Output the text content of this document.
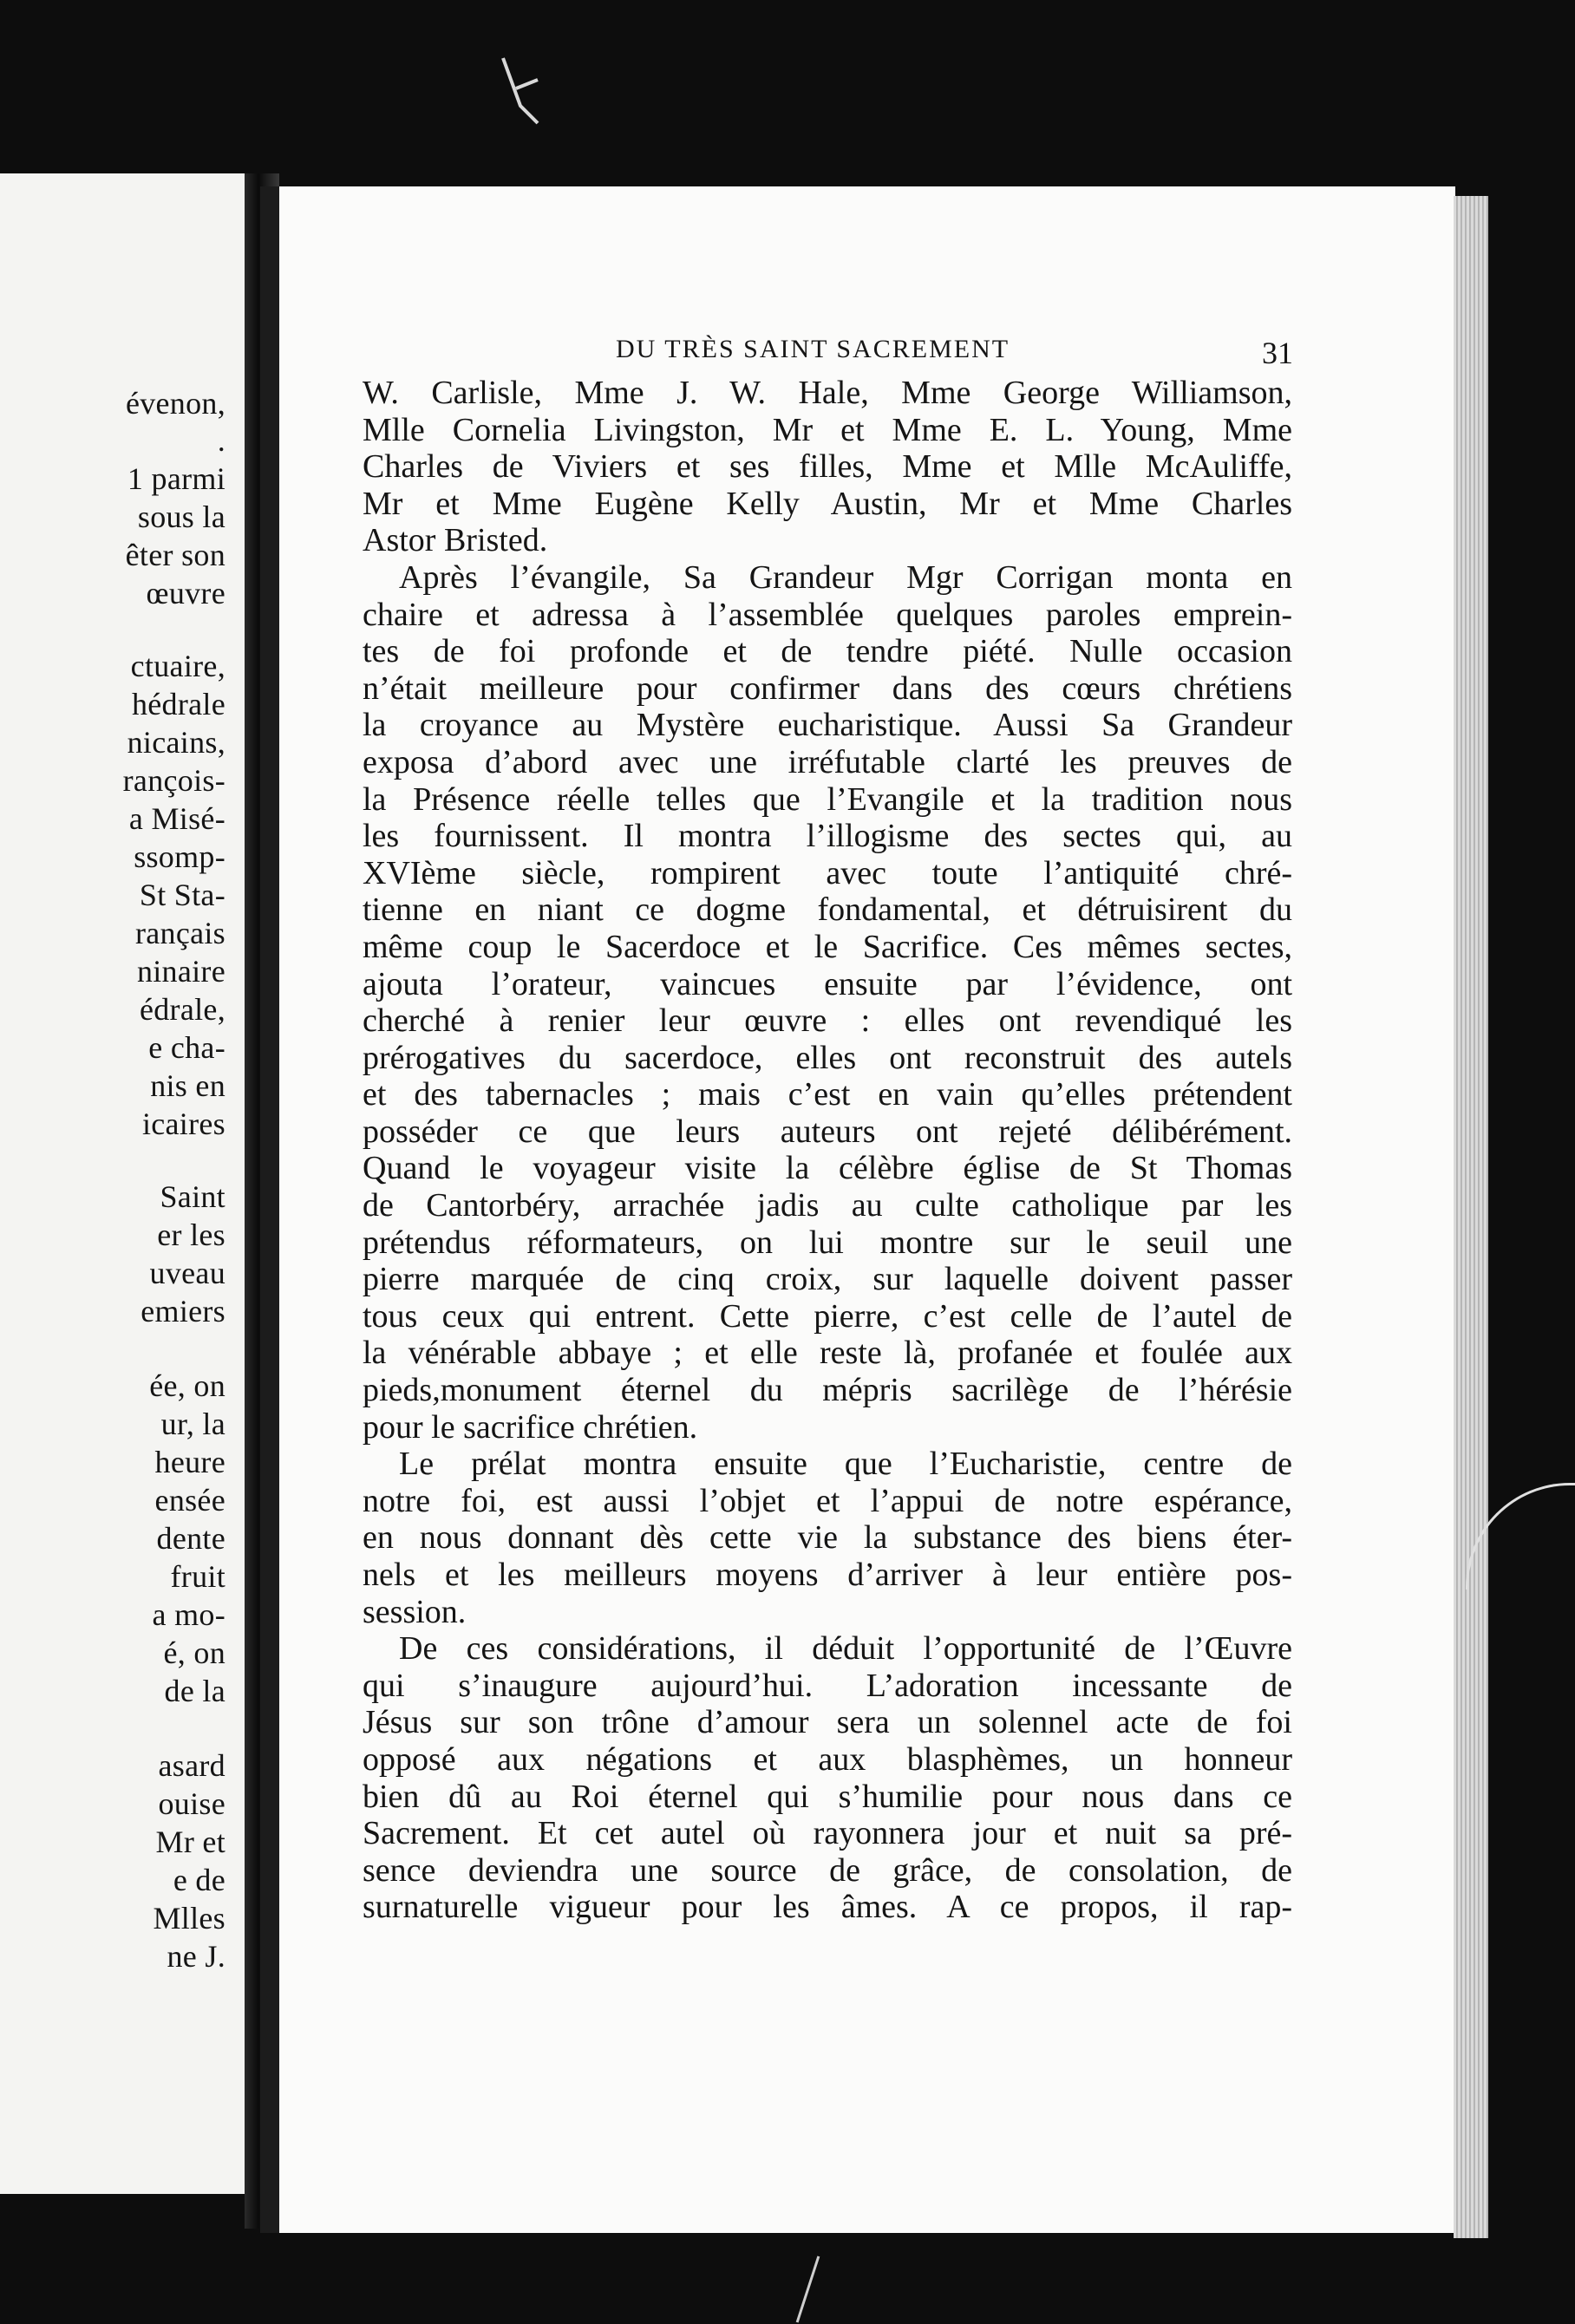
évenon,
.
1 parmi
sous la
êter son
œuvre
ctuaire,
hédrale
nicains,
rançois-
a Misé-
ssomp-
St Sta-
rançais
ninaire
édrale,
e cha-
nis en
icaires
Saint
er les
uveau
emiers
ée, on
ur, la
heure
ensée
dente
fruit
a mo-
é, on
de la
asard
ouise
Mr et
e de
Mlles
ne J.
DU TRÈS SAINT SACREMENT	31
W. Carlisle, Mme J. W. Hale, Mme George Williamson,
Mlle Cornelia Livingston, Mr et Mme E. L. Young, Mme
Charles de Viviers et ses filles, Mme et Mlle McAuliffe,
Mr et Mme Eugène Kelly Austin, Mr et Mme Charles
Astor Bristed.
Après l’évangile, Sa Grandeur Mgr Corrigan monta en
chaire et adressa à l’assemblée quelques paroles emprein-
tes de foi profonde et de tendre piété. Nulle occasion
n’était meilleure pour confirmer dans des cœurs chrétiens
la croyance au Mystère eucharistique. Aussi Sa Grandeur
exposa d’abord avec une irréfutable clarté les preuves de
la Présence réelle telles que l’Evangile et la tradition nous
les fournissent. Il montra l’illogisme des sectes qui, au
XVIème siècle, rompirent avec toute l’antiquité chré-
tienne en niant ce dogme fondamental, et détruisirent du
même coup le Sacerdoce et le Sacrifice. Ces mêmes sectes,
ajouta l’orateur, vaincues ensuite par l’évidence, ont
cherché à renier leur œuvre : elles ont revendiqué les
prérogatives du sacerdoce, elles ont reconstruit des autels
et des tabernacles ; mais c’est en vain qu’elles prétendent
posséder ce que leurs auteurs ont rejeté délibérément.
Quand le voyageur visite la célèbre église de St Thomas
de Cantorbéry, arrachée jadis au culte catholique par les
prétendus réformateurs, on lui montre sur le seuil une
pierre marquée de cinq croix, sur laquelle doivent passer
tous ceux qui entrent. Cette pierre, c’est celle de l’autel de
la vénérable abbaye ; et elle reste là, profanée et foulée aux
pieds,monument éternel du mépris sacrilège de l’hérésie
pour le sacrifice chrétien.
Le prélat montra ensuite que l’Eucharistie, centre de
notre foi, est aussi l’objet et l’appui de notre espérance,
en nous donnant dès cette vie la substance des biens éter-
nels et les meilleurs moyens d’arriver à leur entière pos-
session.
De ces considérations, il déduit l’opportunité de l’Œuvre
qui s’inaugure aujourd’hui. L’adoration incessante de
Jésus sur son trône d’amour sera un solennel acte de foi
opposé aux négations et aux blasphèmes, un honneur
bien dû au Roi éternel qui s’humilie pour nous dans ce
Sacrement. Et cet autel où rayonnera jour et nuit sa pré-
sence deviendra une source de grâce, de consolation, de
surnaturelle vigueur pour les âmes. A ce propos, il rap-
